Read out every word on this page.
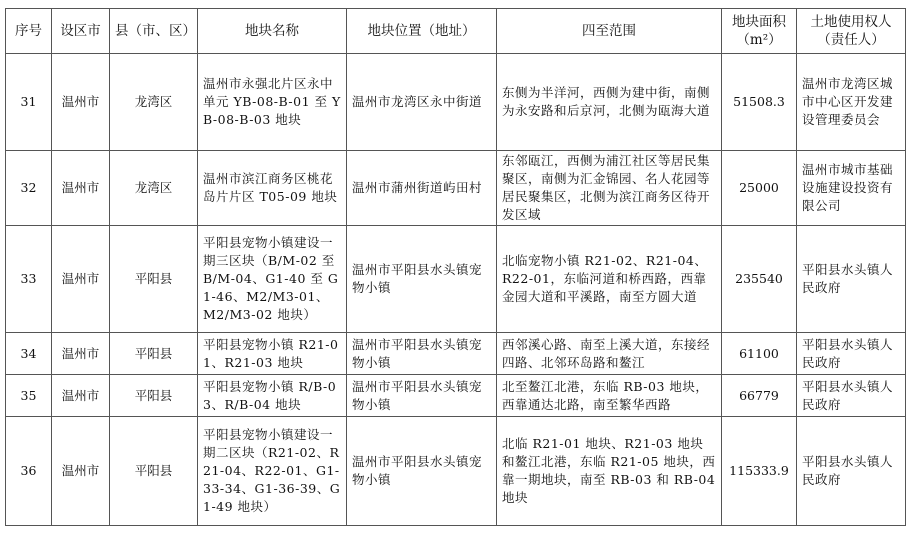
序号	设区市	县（市、区）	地块名称	地块位置（地址）	四至范围	地块面积（m²）	土地使用权人（责任人）
31	温州市	龙湾区	温州市永强北片区永中单元 YB-08-B-01 至 YB-08-B-03 地块	温州市龙湾区永中街道	东侧为半洋河，西侧为建中街，南侧为永安路和后京河，北侧为瓯海大道	51508.3	温州市龙湾区城市中心区开发建设管理委员会
32	温州市	龙湾区	温州市滨江商务区桃花岛片片区 T05-09 地块	温州市蒲州街道屿田村	东邻瓯江，西侧为浦江社区等居民集聚区，南侧为汇金锦园、名人花园等居民聚集区，北侧为滨江商务区待开发区域	25000	温州市城市基础设施建设投资有限公司
33	温州市	平阳县	平阳县宠物小镇建设一期三区块（B/M-02 至 B/M-04、G1-40 至 G1-46、M2/M3-01、M2/M3-02 地块）	温州市平阳县水头镇宠物小镇	北临宠物小镇 R21-02、R21-04、R22-01，东临河道和桥西路，西靠金园大道和平溪路，南至方圆大道	235540	平阳县水头镇人民政府
34	温州市	平阳县	平阳县宠物小镇 R21-01、R21-03 地块	温州市平阳县水头镇宠物小镇	西邻溪心路、南至上溪大道，东接经四路、北邻环岛路和鳌江	61100	平阳县水头镇人民政府
35	温州市	平阳县	平阳县宠物小镇 R/B-03、R/B-04 地块	温州市平阳县水头镇宠物小镇	北至鳌江北港，东临 RB-03 地块，西靠通达北路，南至繁华西路	66779	平阳县水头镇人民政府
36	温州市	平阳县	平阳县宠物小镇建设一期二区块（R21-02、R21-04、R22-01、G1-33-34、G1-36-39、G1-49 地块）	温州市平阳县水头镇宠物小镇	北临 R21-01 地块、R21-03 地块和鳌江北港，东临 R21-05 地块，西靠一期地块，南至 RB-03 和 RB-04 地块	115333.9	平阳县水头镇人民政府
